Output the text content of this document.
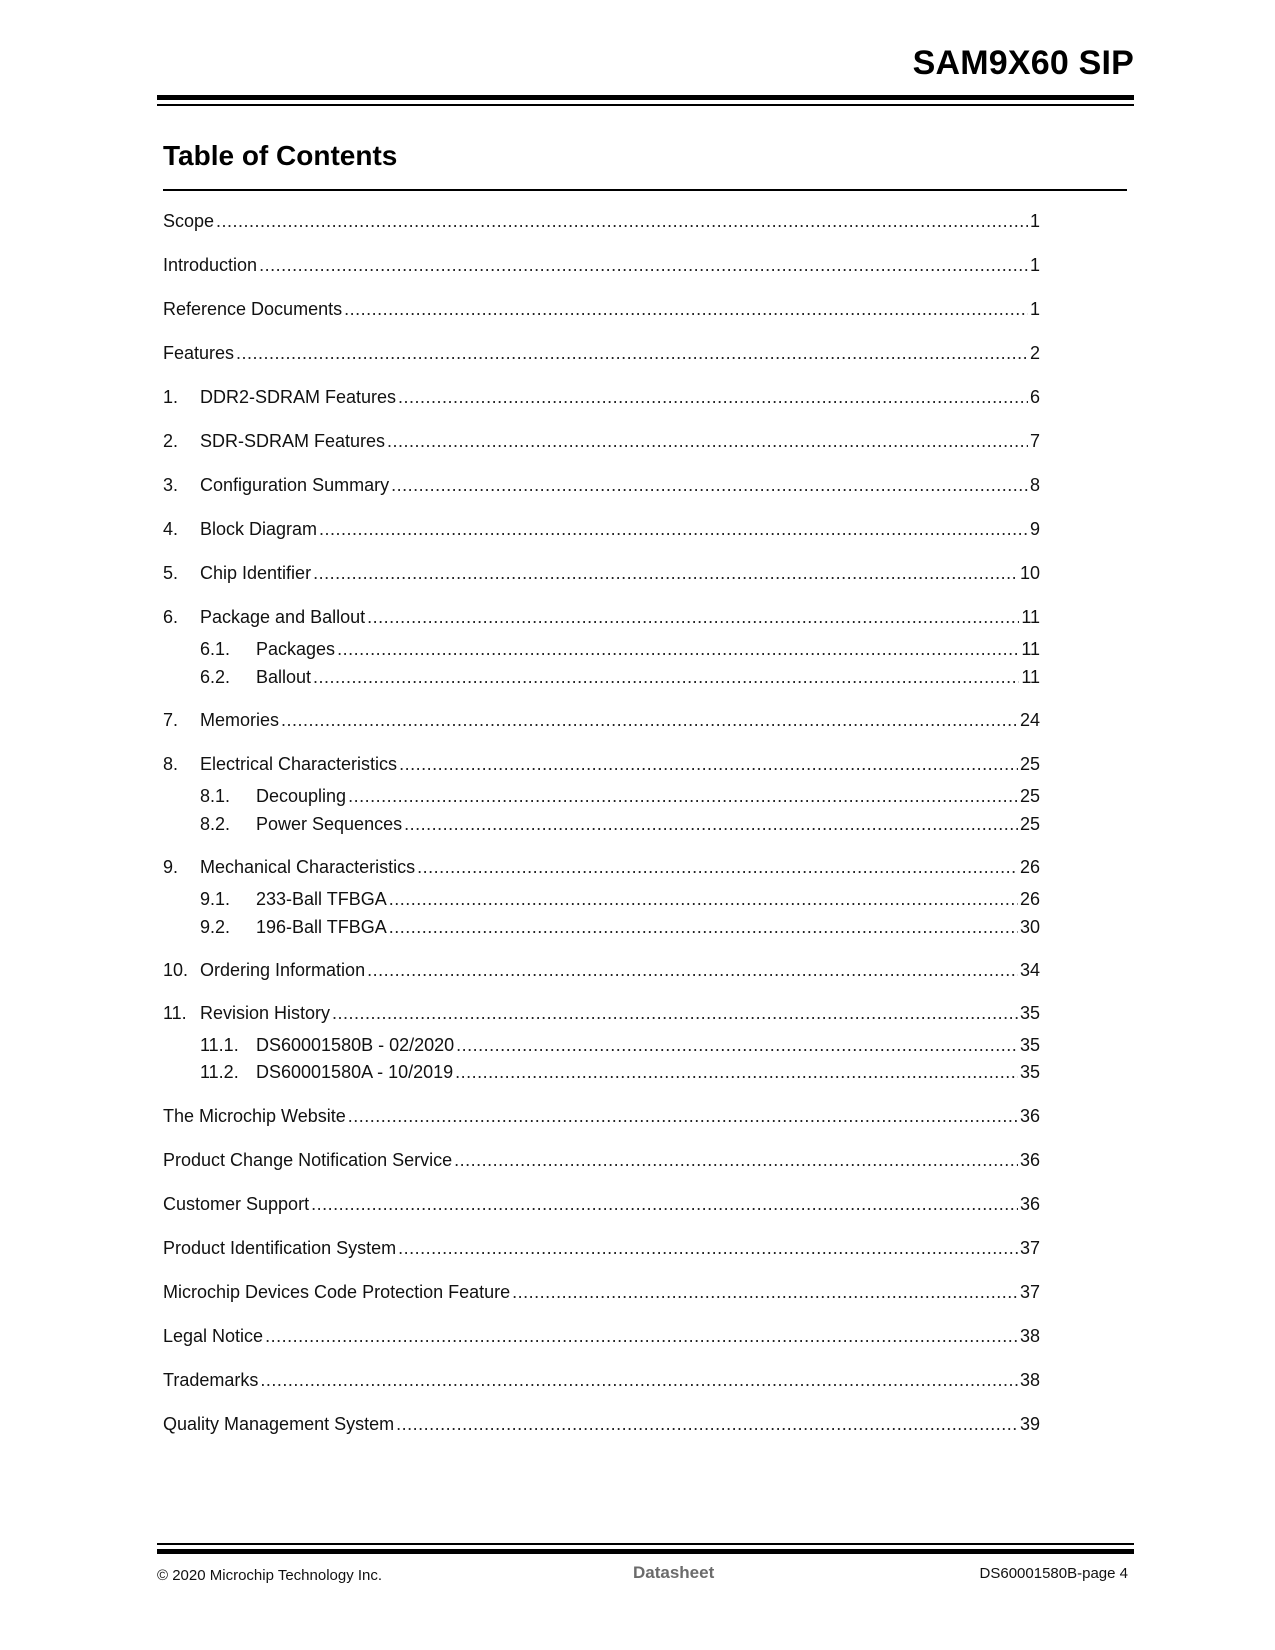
SAM9X60 SIP
Table of Contents
Scope .....	1
Introduction .....	1
Reference Documents .....	1
Features .....	2
1.	DDR2-SDRAM Features .....	6
2.	SDR-SDRAM Features .....	7
3.	Configuration Summary .....	8
4.	Block Diagram .....	9
5.	Chip Identifier .....	10
6.	Package and Ballout .....	11
6.1.	Packages .....	11
6.2.	Ballout .....	11
7.	Memories .....	24
8.	Electrical Characteristics .....	25
8.1.	Decoupling .....	25
8.2.	Power Sequences .....	25
9.	Mechanical Characteristics .....	26
9.1.	233-Ball TFBGA .....	26
9.2.	196-Ball TFBGA .....	30
10. Ordering Information .....	34
11. Revision History .....	35
11.1. DS60001580B - 02/2020 .....	35
11.2. DS60001580A - 10/2019 .....	35
The Microchip Website .....	36
Product Change Notification Service .....	36
Customer Support .....	36
Product Identification System .....	37
Microchip Devices Code Protection Feature .....	37
Legal Notice .....	38
Trademarks .....	38
Quality Management System .....	39
© 2020 Microchip Technology Inc.	Datasheet	DS60001580B-page 4
